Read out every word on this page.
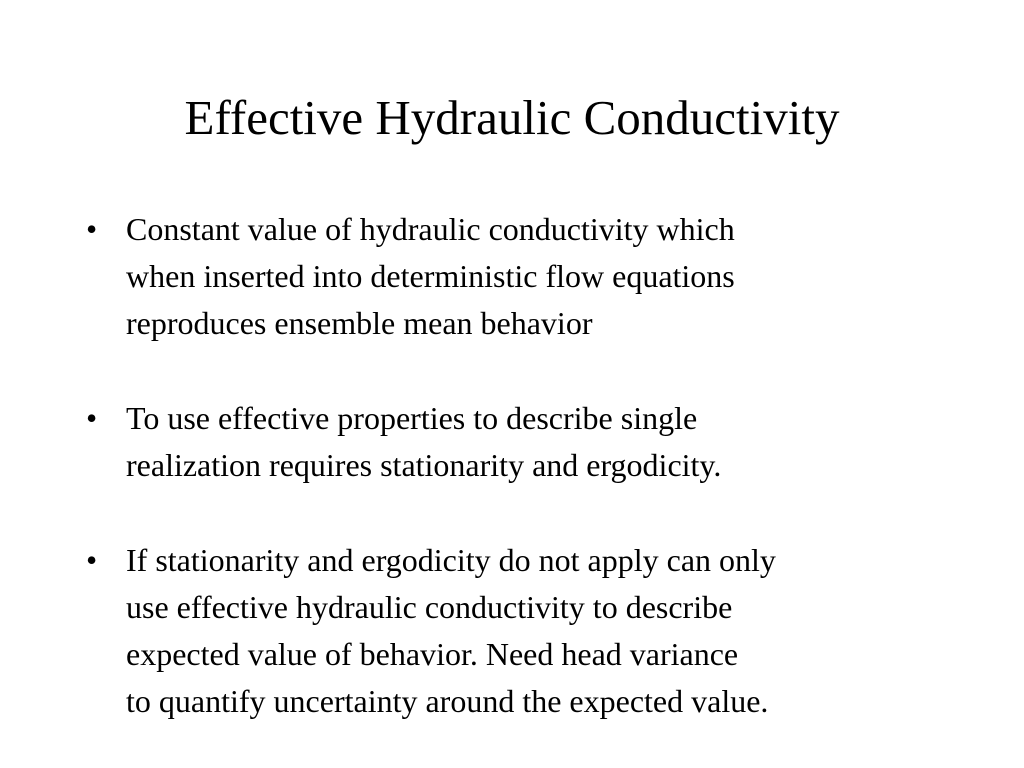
Effective Hydraulic Conductivity
• Constant value of hydraulic conductivity which
when inserted into deterministic flow equations
reproduces ensemble mean behavior
• To use effective properties to describe single
realization requires stationarity and ergodicity.
• If stationarity and ergodicity do not apply can only
use effective hydraulic conductivity to describe
expected value of behavior. Need head variance
to quantify uncertainty around the expected value.
